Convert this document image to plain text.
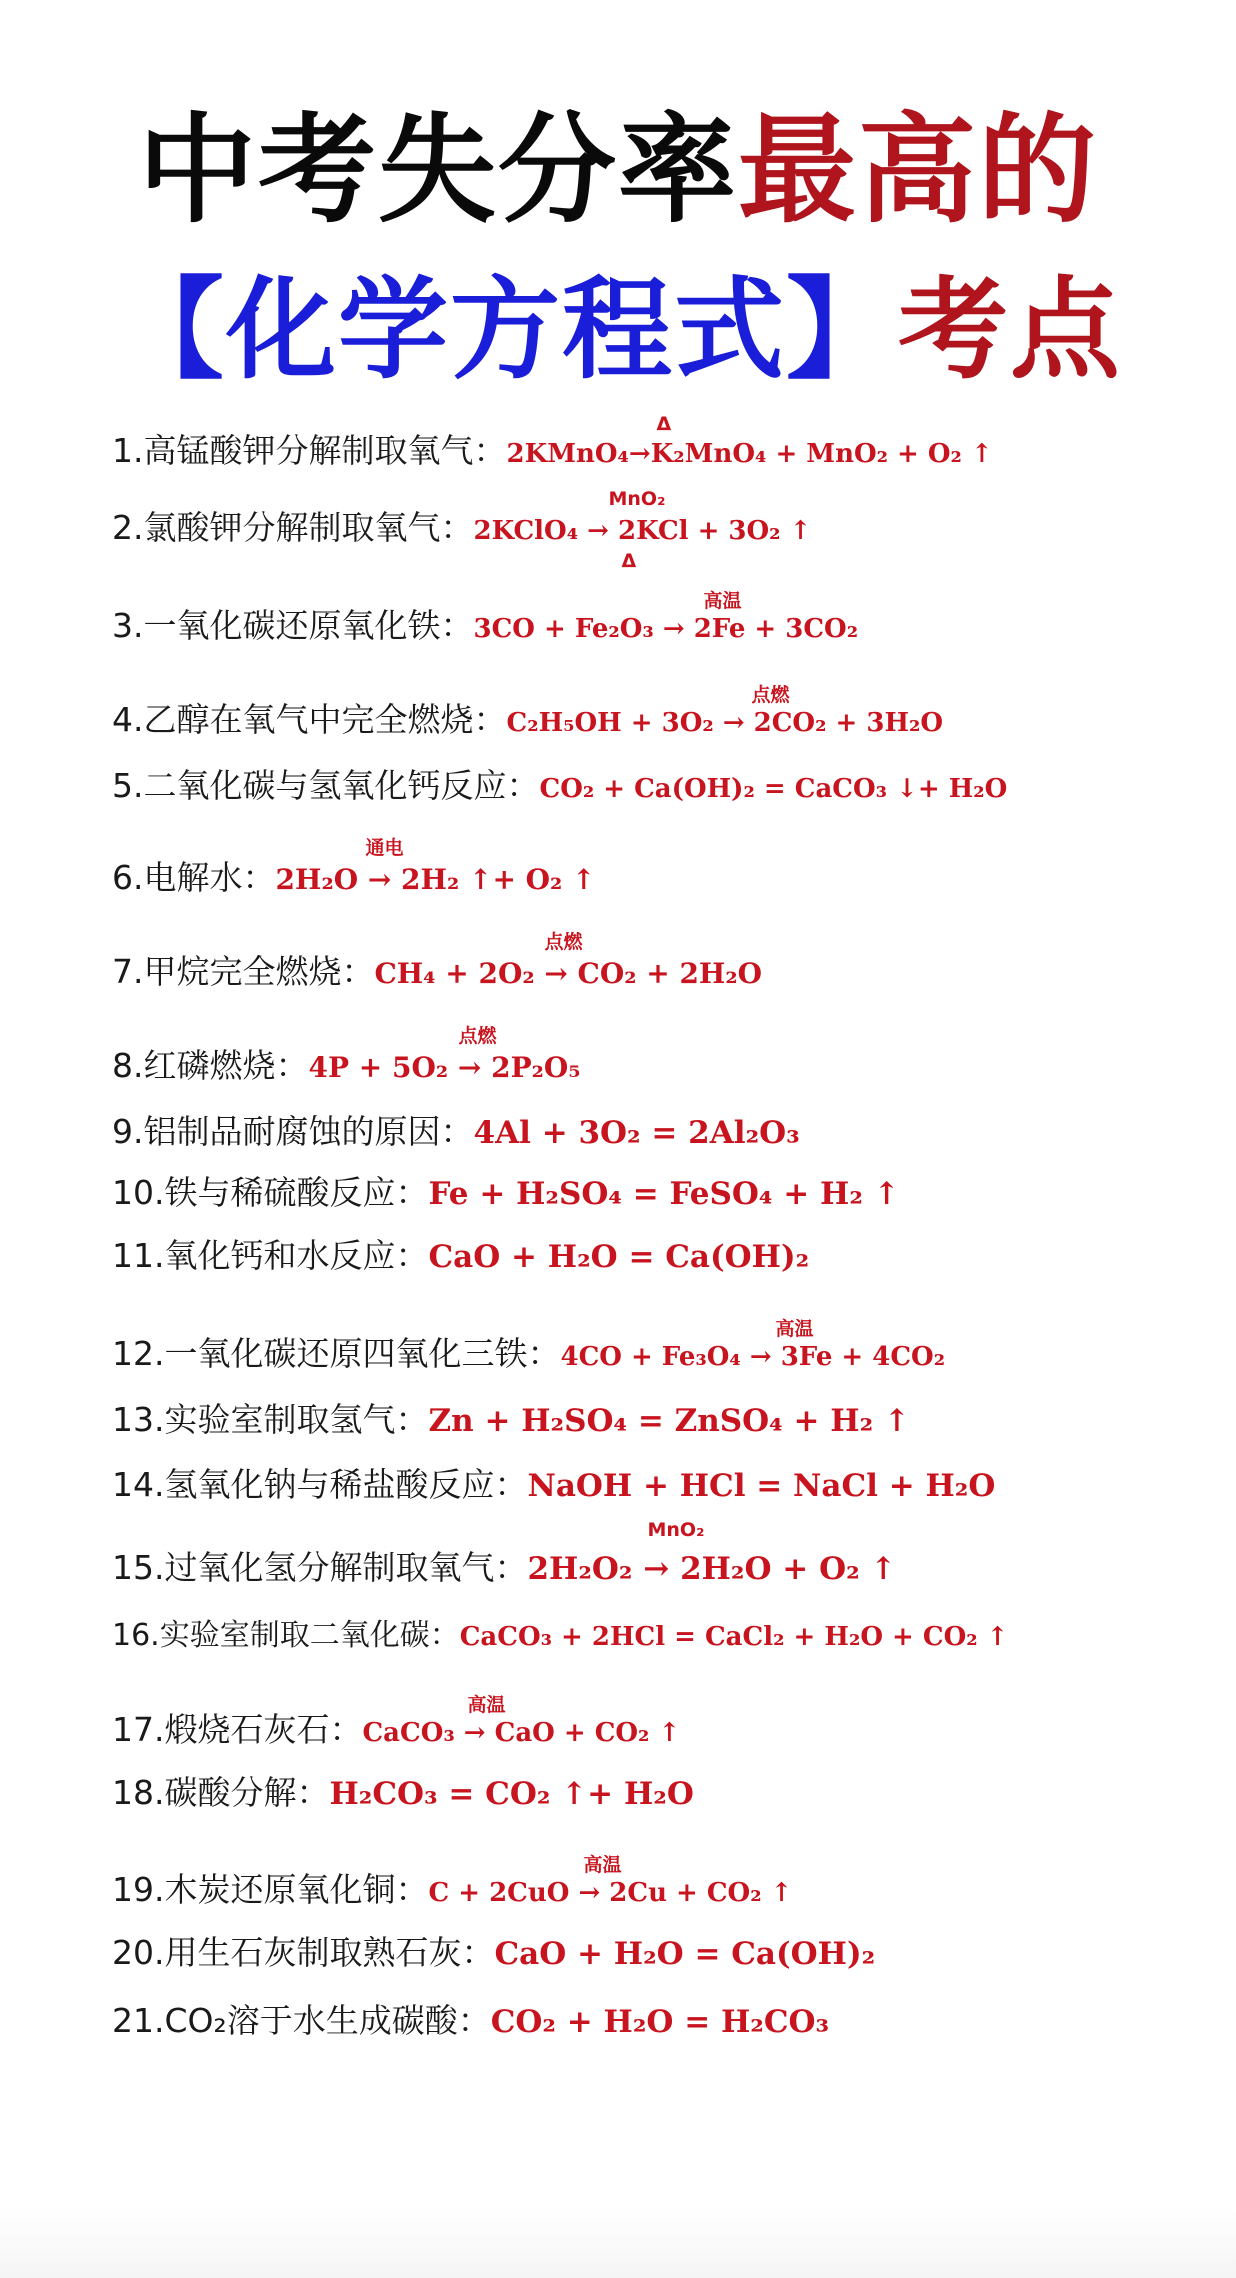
中考失分率最高的
【化学方程式】考点
1.高锰酸钾分解制取氧气：
Δ
2KMnO₄→K₂MnO₄ + MnO₂ + O₂ ↑
2.氯酸钾分解制取氧气：
MnO₂
Δ
2KClO₄ → 2KCl + 3O₂ ↑
3.一氧化碳还原氧化铁：
高温
3CO + Fe₂O₃ → 2Fe + 3CO₂
4.乙醇在氧气中完全燃烧：
点燃
C₂H₅OH + 3O₂ → 2CO₂ + 3H₂O
5.二氧化碳与氢氧化钙反应： CO₂ + Ca(OH)₂ = CaCO₃ ↓+ H₂O
6.电解水：
通电
2H₂O → 2H₂ ↑+ O₂ ↑
7.甲烷完全燃烧：
点燃
CH₄ + 2O₂ → CO₂ + 2H₂O
8.红磷燃烧：
点燃
4P + 5O₂ → 2P₂O₅
9.铝制品耐腐蚀的原因： 4Al + 3O₂ = 2Al₂O₃
10.铁与稀硫酸反应： Fe + H₂SO₄ = FeSO₄ + H₂ ↑
11.氧化钙和水反应： CaO + H₂O = Ca(OH)₂
12.一氧化碳还原四氧化三铁：
高温
4CO + Fe₃O₄ → 3Fe + 4CO₂
13.实验室制取氢气： Zn + H₂SO₄ = ZnSO₄ + H₂ ↑
14.氢氧化钠与稀盐酸反应： NaOH + HCl = NaCl + H₂O
15.过氧化氢分解制取氧气：
MnO₂
2H₂O₂ → 2H₂O + O₂ ↑
16.实验室制取二氧化碳： CaCO₃ + 2HCl = CaCl₂ + H₂O + CO₂ ↑
17.煅烧石灰石：
高温
CaCO₃ → CaO + CO₂ ↑
18.碳酸分解： H₂CO₃ = CO₂ ↑+ H₂O
19.木炭还原氧化铜：
高温
C + 2CuO → 2Cu + CO₂ ↑
20.用生石灰制取熟石灰： CaO + H₂O = Ca(OH)₂
21.CO₂溶于水生成碳酸： CO₂ + H₂O = H₂CO₃
